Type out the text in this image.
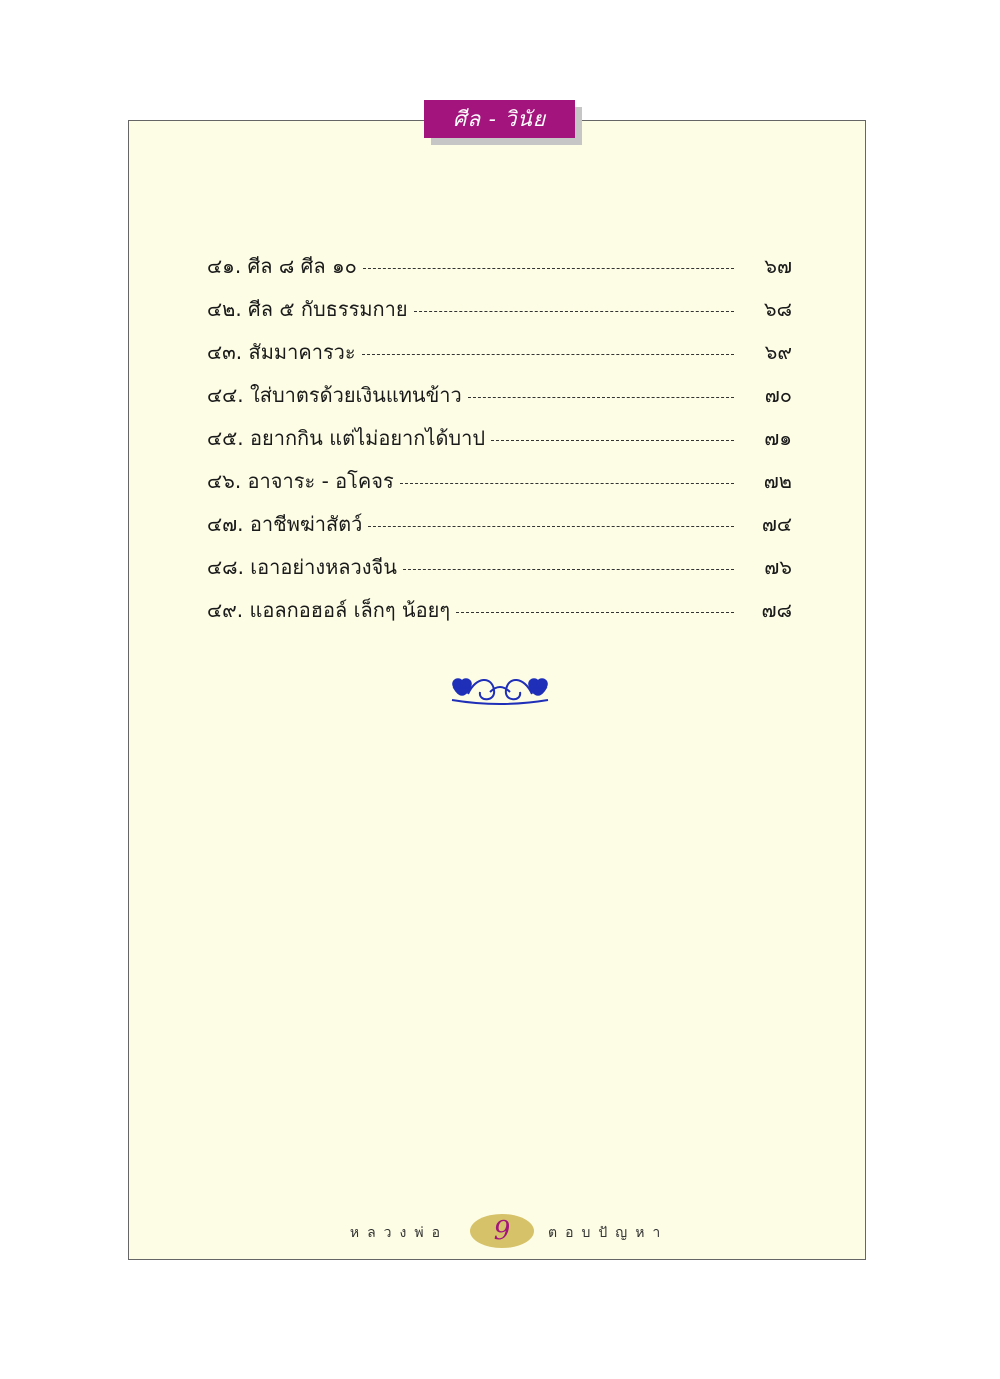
ศีล - วินัย
๔๑. ศีล ๘ ศีล ๑๐	๖๗
๔๒. ศีล ๕ กับธรรมกาย	๖๘
๔๓. สัมมาคารวะ	๖๙
๔๔. ใส่บาตรด้วยเงินแทนข้าว	๗๐
๔๕. อยากกิน แต่ไม่อยากได้บาป	๗๑
๔๖. อาจาระ - อโคจร	๗๒
๔๗. อาชีพฆ่าสัตว์	๗๔
๔๘. เอาอย่างหลวงจีน	๗๖
๔๙. แอลกอฮอล์ เล็กๆ น้อยๆ	๗๘
หลวงพ่อ	9	ตอบปัญหา
